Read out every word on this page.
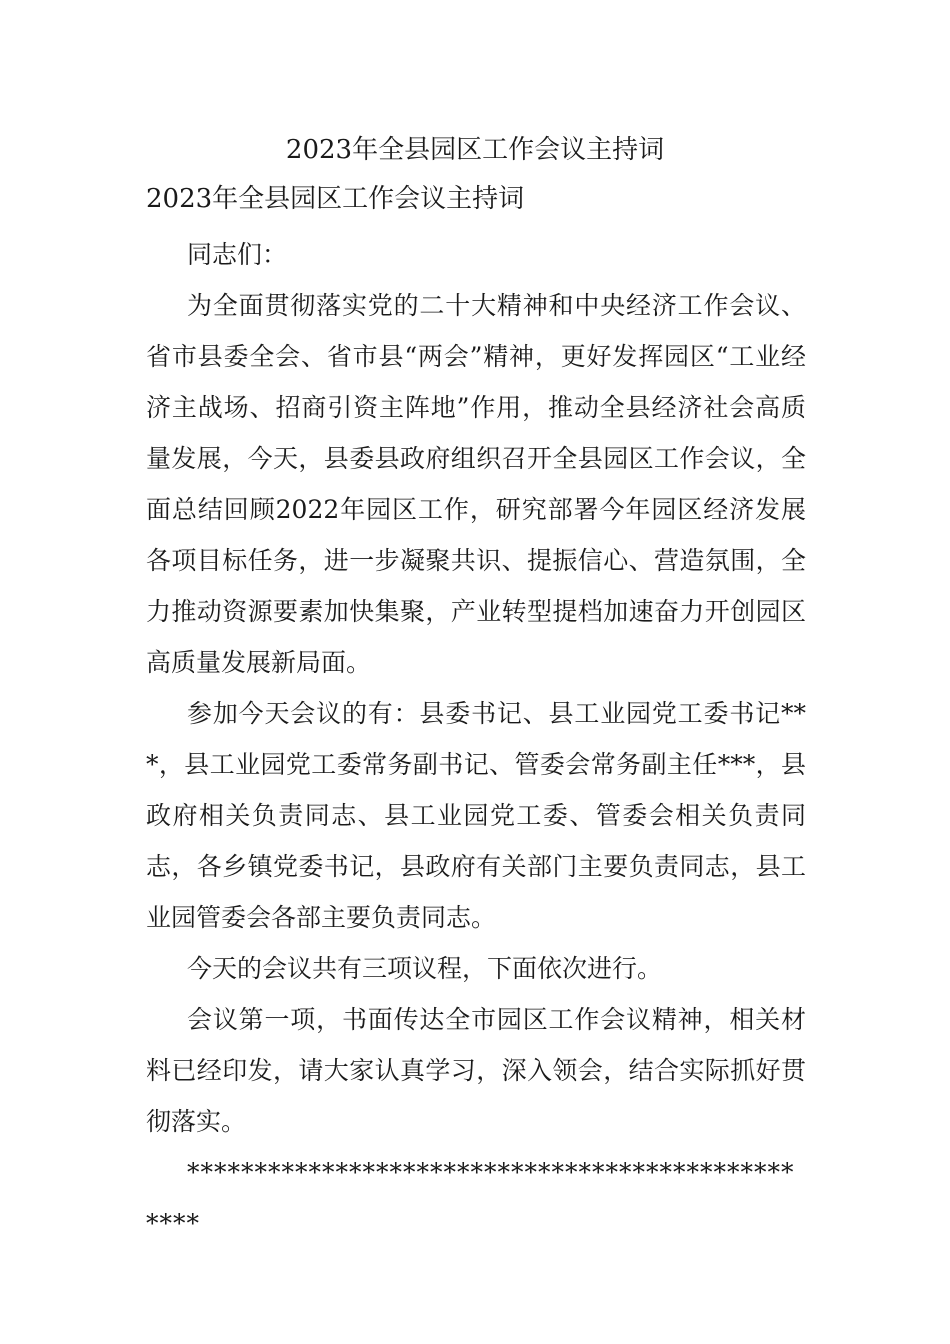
2023年全县园区工作会议主持词
2023年全县园区工作会议主持词

同志们：

为全面贯彻落实党的二十大精神和中央经济工作会议、省市县委全会、省市县“两会”精神，更好发挥园区“工业经济主战场、招商引资主阵地”作用，推动全县经济社会高质量发展，今天，县委县政府组织召开全县园区工作会议，全面总结回顾2022年园区工作，研究部署今年园区经济发展各项目标任务，进一步凝聚共识、提振信心、营造氛围，全力推动资源要素加快集聚，产业转型提档加速奋力开创园区高质量发展新局面。

参加今天会议的有：县委书记、县工业园党工委书记***，县工业园党工委常务副书记、管委会常务副主任***，县政府相关负责同志、县工业园党工委、管委会相关负责同志，各乡镇党委书记，县政府有关部门主要负责同志，县工业园管委会各部主要负责同志。

今天的会议共有三项议程，下面依次进行。

会议第一项，书面传达全市园区工作会议精神，相关材料已经印发，请大家认真学习，深入领会，结合实际抓好贯彻落实。

*************************************************
